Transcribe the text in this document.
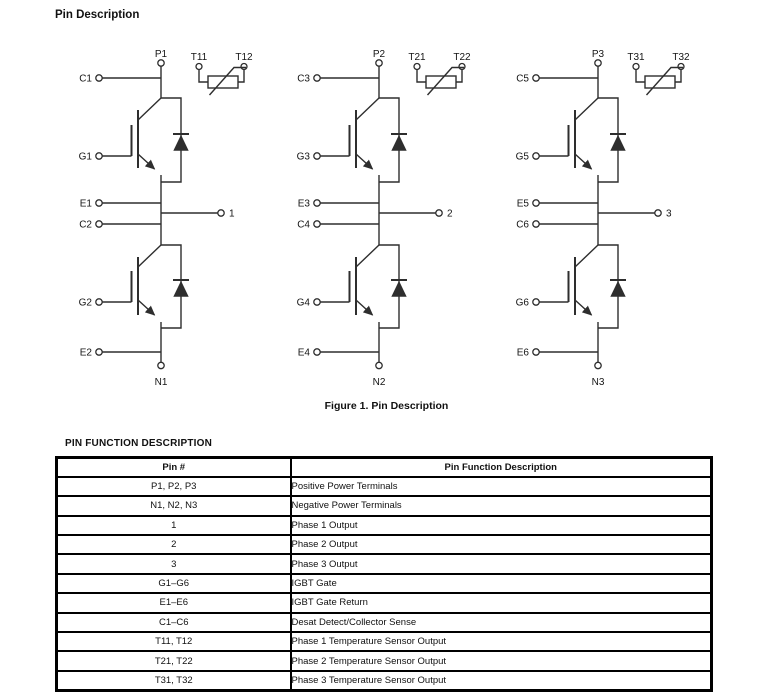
Pin Description
P1
C1
G1
E1
1
C2
G2
E2
N1
T11	T12	P2
C3
G3
E3
2
C4
G4
E4
N2
T21	T22	P3
C5
G5
E5
3
C6
G6
E6
N3
T31	T32
Figure 1. Pin Description
PIN FUNCTION DESCRIPTION
Pin #	Pin Function Description
P1, P2, P3	Positive Power Terminals
N1, N2, N3	Negative Power Terminals
1	Phase 1 Output
2	Phase 2 Output
3	Phase 3 Output
G1–G6	IGBT Gate
E1–E6	IGBT Gate Return
C1–C6	Desat Detect/Collector Sense
T11, T12	Phase 1 Temperature Sensor Output
T21, T22	Phase 2 Temperature Sensor Output
T31, T32	Phase 3 Temperature Sensor Output
